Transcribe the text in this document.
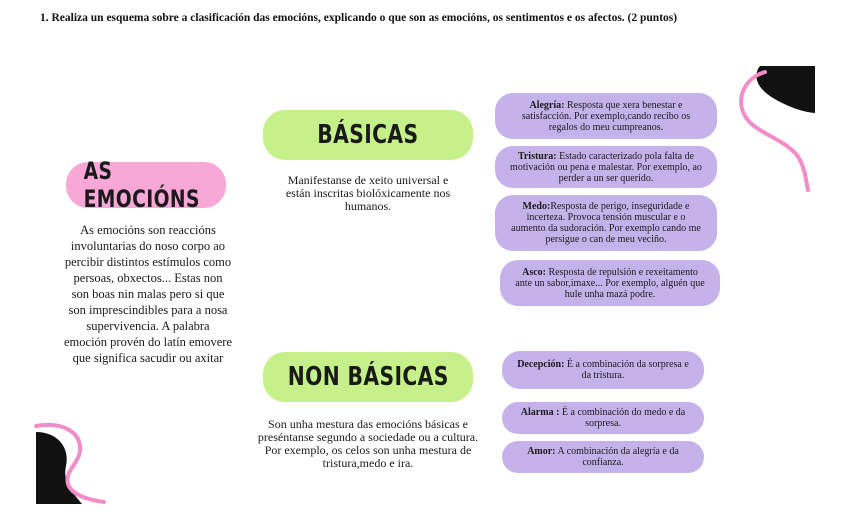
1. Realiza un esquema sobre a clasificación das emocións, explicando o que son as emocións, os sentimentos e os afectos. (2 puntos)
AS EMOCIÓNS
As emocións son reaccións involuntarias do noso corpo ao percibir distintos estímulos como persoas, obxectos... Estas non son boas nin malas pero si que son imprescindibles para a nosa supervivencia. A palabra emoción provén do latín emovere que significa sacudir ou axitar
BÁSICAS
Manifestanse de xeito universal e están inscritas biolóxicamente nos humanos.
Alegría: Resposta que xera benestar e satisfacción. Por exemplo,cando recibo os regalos do meu cumpreanos.
Tristura: Estado caracterizado pola falta de motivación ou pena e malestar. Por exemplo, ao perder a un ser querido.
Medo:Resposta de perigo, inseguridade e incerteza. Provoca tensión muscular e o aumento da sudoración. Por exemplo cando me persigue o can de meu veciño.
Asco: Resposta de repulsión e rexeitamento ante un sabor,imaxe... Por exemplo, alguén que hule unha mazá podre.
NON BÁSICAS
Son unha mestura das emocións básicas e preséntanse segundo a sociedade ou a cultura. Por exemplo, os celos son unha mestura de tristura,medo e ira.
Decepción: É a combinación da sorpresa e da tristura.
Alarma : É a combinación do medo e da sorpresa.
Amor: A combinación da alegría e da confianza.
